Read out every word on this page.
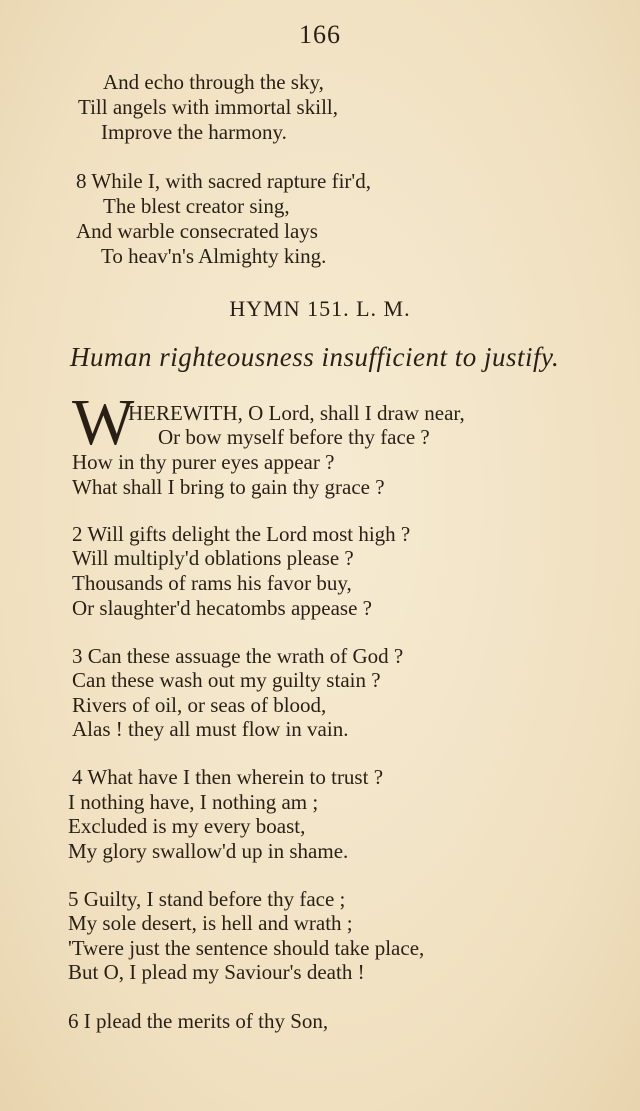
166
And echo through the sky,
Till angels with immortal skill,
Improve the harmony.
8 While I, with sacred rapture fir'd,
The blest creator sing,
And warble consecrated lays
To heav'n's Almighty king.
HYMN 151. L. M.
Human righteousness insufficient to justify.
W
HEREWITH, O Lord, shall I draw near,
Or bow myself before thy face ?
How in thy purer eyes appear ?
What shall I bring to gain thy grace ?
2 Will gifts delight the Lord most high ?
Will multiply'd oblations please ?
Thousands of rams his favor buy,
Or slaughter'd hecatombs appease ?
3 Can these assuage the wrath of God ?
Can these wash out my guilty stain ?
Rivers of oil, or seas of blood,
Alas ! they all must flow in vain.
4 What have I then wherein to trust ?
I nothing have, I nothing am ;
Excluded is my every boast,
My glory swallow'd up in shame.
5 Guilty, I stand before thy face ;
My sole desert, is hell and wrath ;
'Twere just the sentence should take place,
But O, I plead my Saviour's death !
6 I plead the merits of thy Son,
